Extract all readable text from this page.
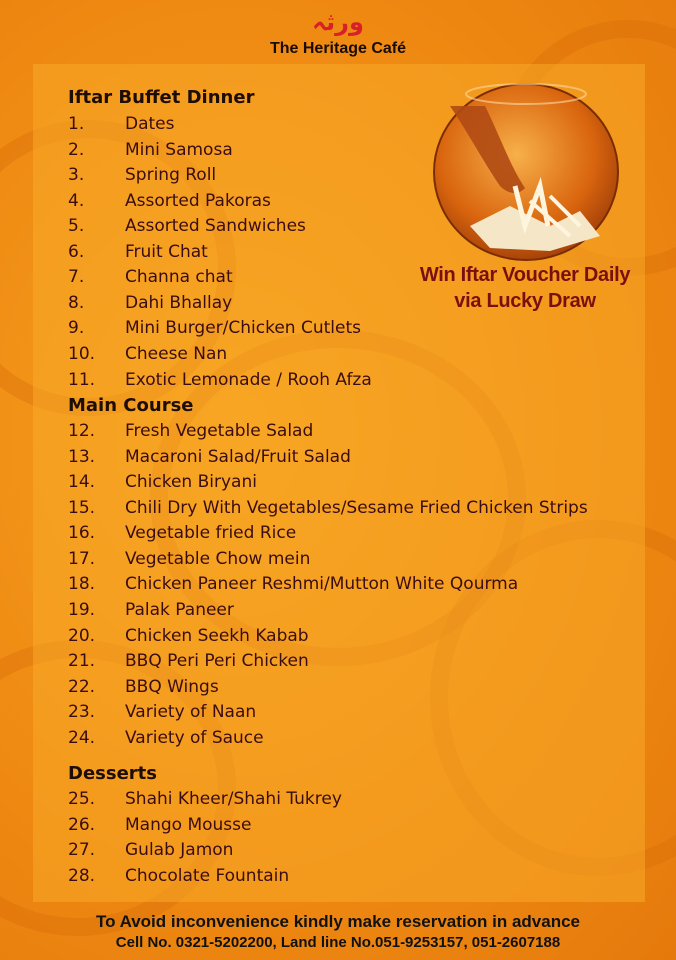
ورثہ
The Heritage Café
Win Iftar Voucher Daily
via Lucky Draw
Iftar Buffet Dinner
1. Dates
2. Mini Samosa
3. Spring Roll
4. Assorted Pakoras
5. Assorted Sandwiches
6. Fruit Chat
7. Channa chat
8. Dahi Bhallay
9. Mini Burger/Chicken Cutlets
10. Cheese Nan
11. Exotic Lemonade / Rooh Afza
Main Course
12. Fresh Vegetable Salad
13. Macaroni Salad/Fruit Salad
14. Chicken Biryani
15. Chili Dry With Vegetables/Sesame Fried Chicken Strips
16. Vegetable fried Rice
17. Vegetable Chow mein
18. Chicken Paneer Reshmi/Mutton White Qourma
19. Palak Paneer
20. Chicken Seekh Kabab
21. BBQ Peri Peri Chicken
22. BBQ Wings
23. Variety of Naan
24. Variety of Sauce
Desserts
25. Shahi Kheer/Shahi Tukrey
26. Mango Mousse
27. Gulab Jamon
28. Chocolate Fountain
To Avoid inconvenience kindly make reservation in advance
Cell No. 0321-5202200, Land line No.051-9253157, 051-2607188
